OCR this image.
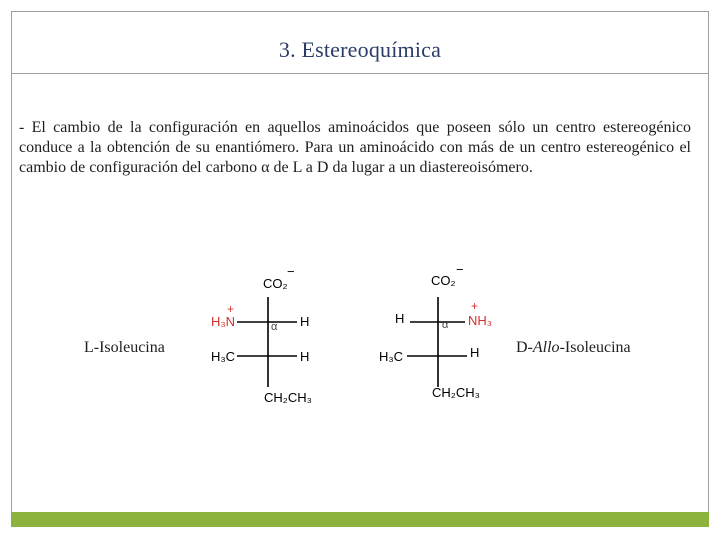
3. Estereoquímica
- El cambio de la configuración en aquellos aminoácidos que poseen sólo un centro estereogénico conduce a la obtención de su enantiómero. Para un aminoácido con más de un centro estereogénico el cambio de configuración del carbono α de L a D da lugar a un diastereoisómero.
L-Isoleucina
CO₂
−
H₃N
+
H
α
H₃C	H
CH₂CH₃
CO₂
−
H	NH₃
+
α
H₃C	H
CH₂CH₃
D-Allo-Isoleucina
